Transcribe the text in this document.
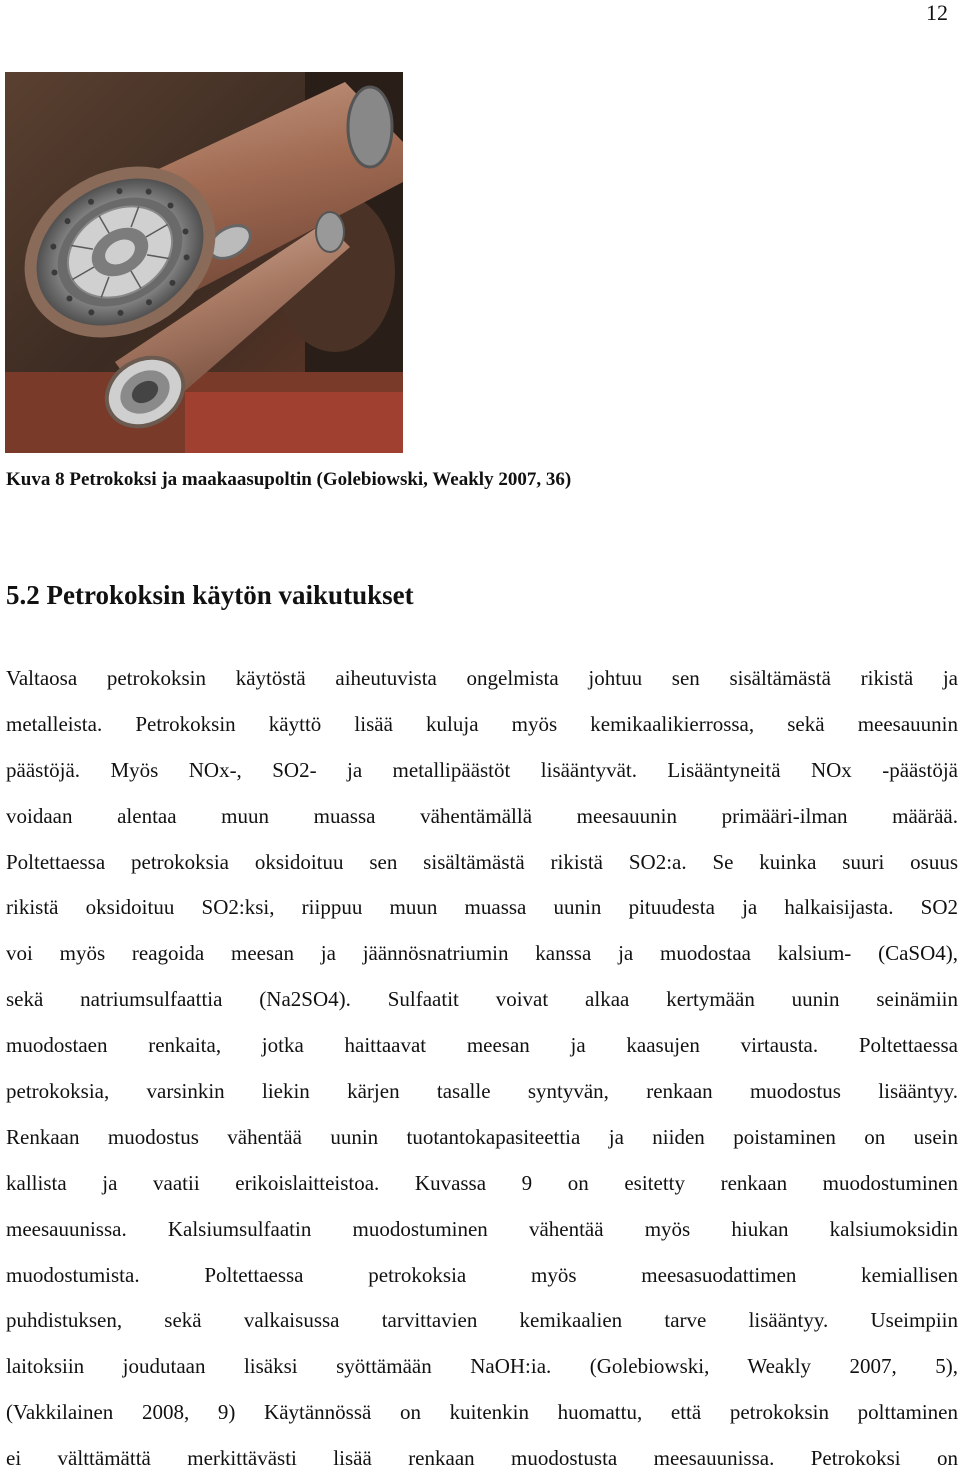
12
Kuva 8 Petrokoksi ja maakaasupoltin (Golebiowski, Weakly 2007, 36)
5.2 Petrokoksin käytön vaikutukset
Valtaosa petrokoksin käytöstä aiheutuvista ongelmista johtuu sen sisältämästä rikistä ja
metalleista. Petrokoksin käyttö lisää kuluja myös kemikaalikierrossa, sekä meesauunin
päästöjä. Myös NOx-, SO2- ja metallipäästöt lisääntyvät. Lisääntyneitä NOx -päästöjä
voidaan alentaa muun muassa vähentämällä meesauunin primääri-ilman määrää.
Poltettaessa petrokoksia oksidoituu sen sisältämästä rikistä SO2:a. Se kuinka suuri osuus
rikistä oksidoituu SO2:ksi, riippuu muun muassa uunin pituudesta ja halkaisijasta. SO2
voi myös reagoida meesan ja jäännösnatriumin kanssa ja muodostaa kalsium- (CaSO4),
sekä natriumsulfaattia (Na2SO4). Sulfaatit voivat alkaa kertymään uunin seinämiin
muodostaen renkaita, jotka haittaavat meesan ja kaasujen virtausta. Poltettaessa
petrokoksia, varsinkin liekin kärjen tasalle syntyvän, renkaan muodostus lisääntyy.
Renkaan muodostus vähentää uunin tuotantokapasiteettia ja niiden poistaminen on usein
kallista ja vaatii erikoislaitteistoa. Kuvassa 9 on esitetty renkaan muodostuminen
meesauunissa. Kalsiumsulfaatin muodostuminen vähentää myös hiukan kalsiumoksidin
muodostumista. Poltettaessa petrokoksia myös meesasuodattimen kemiallisen
puhdistuksen, sekä valkaisussa tarvittavien kemikaalien tarve lisääntyy. Useimpiin
laitoksiin joudutaan lisäksi syöttämään NaOH:ia. (Golebiowski, Weakly 2007, 5),
(Vakkilainen 2008, 9) Käytännössä on kuitenkin huomattu, että petrokoksin polttaminen
ei välttämättä merkittävästi lisää renkaan muodostusta meesauunissa. Petrokoksi on
